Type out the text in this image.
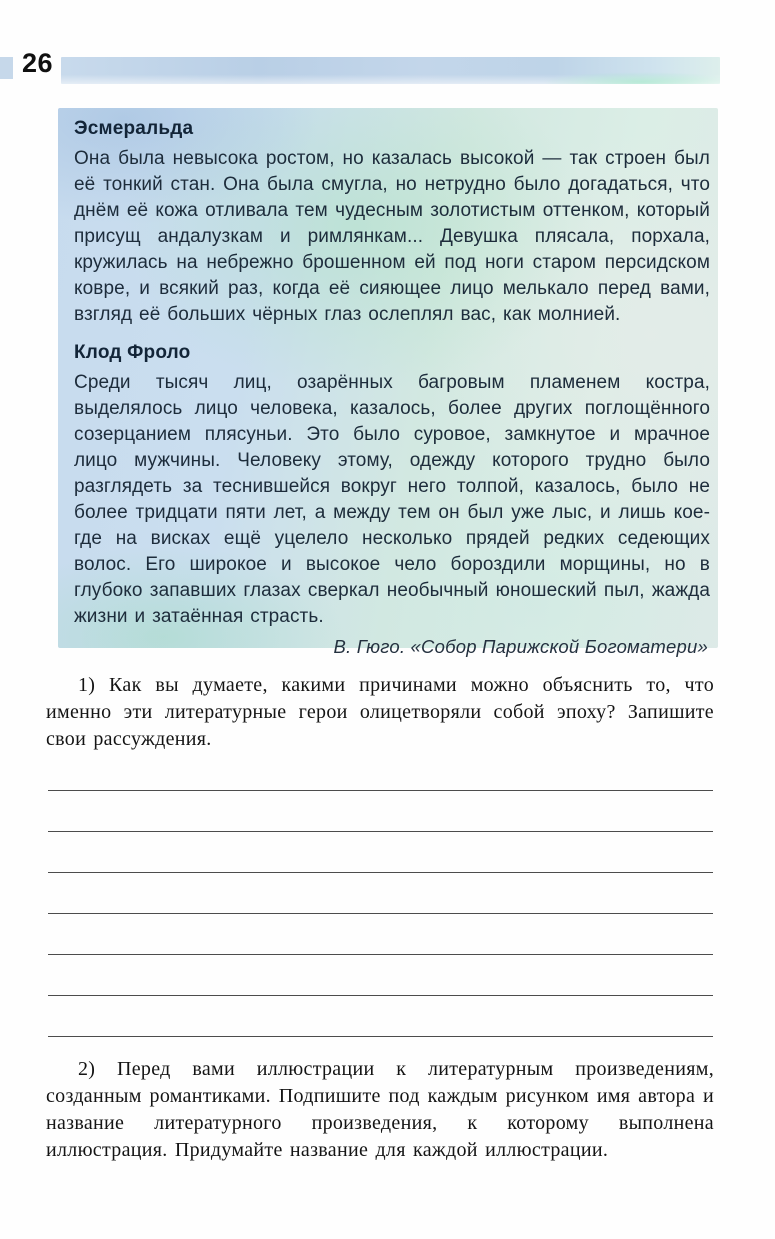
26
Эсмеральда

Она была невысока ростом, но казалась высокой — так строен был её тонкий стан. Она была смугла, но нетрудно было догадаться, что днём её кожа отливала тем чудесным золотистым оттенком, который присущ андалузкам и римлянкам... Девушка плясала, порхала, кружилась на небрежно брошенном ей под ноги старом персидском ковре, и всякий раз, когда её сияющее лицо мелькало перед вами, взгляд её больших чёрных глаз ослеплял вас, как молнией.

Клод Фроло

Среди тысяч лиц, озарённых багровым пламенем костра, выделялось лицо человека, казалось, более других поглощённого созерцанием плясуньи. Это было суровое, замкнутое и мрачное лицо мужчины. Человеку этому, одежду которого трудно было разглядеть за теснившейся вокруг него толпой, казалось, было не более тридцати пяти лет, а между тем он был уже лыс, и лишь кое-где на висках ещё уцелело несколько прядей редких седеющих волос. Его широкое и высокое чело бороздили морщины, но в глубоко запавших глазах сверкал необычный юношеский пыл, жажда жизни и затаённая страсть.

В. Гюго. «Собор Парижской Богоматери»

1) Как вы думаете, какими причинами можно объяснить то, что именно эти литературные герои олицетворяли собой эпоху? Запишите свои рассуждения.

2) Перед вами иллюстрации к литературным произведениям, созданным романтиками. Подпишите под каждым рисунком имя автора и название литературного произведения, к которому выполнена иллюстрация. Придумайте название для каждой иллюстрации.
